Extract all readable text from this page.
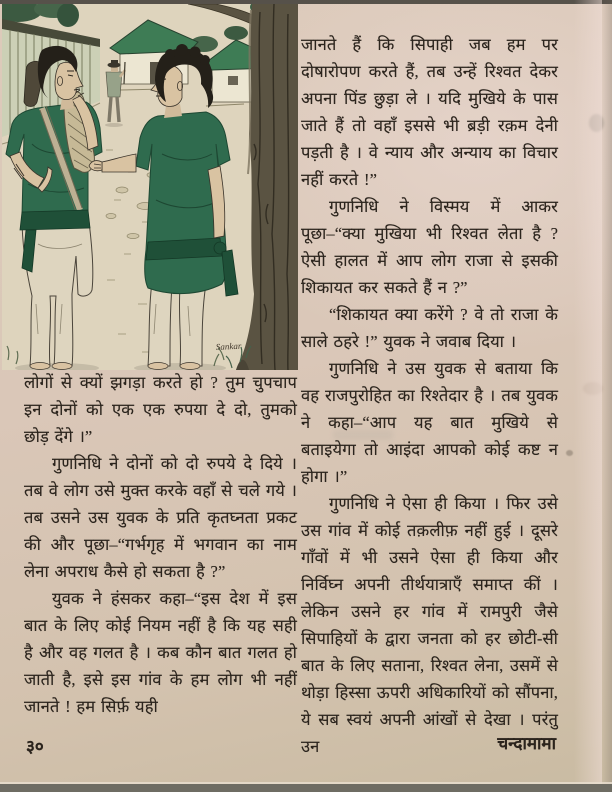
Sankar

जानते हैं कि सिपाही जब हम पर दोषारोपण करते हैं, तब उन्हें रिश्वत देकर अपना पिंड छुड़ा ले । यदि मुखिये के पास जाते हैं तो वहाँ इससे भी ब्रड़ी रक़म देनी पड़ती है । वे न्याय और अन्याय का विचार नहीं करते !”

गुणनिधि ने विस्मय में आकर पूछा–“क्या मुखिया भी रिश्वत लेता है ? ऐसी हालत में आप लोग राजा से इसकी शिकायत कर सकते हैं न ?”

“शिकायत क्या करेंगे ? वे तो राजा के साले ठहरे !” युवक ने जवाब दिया ।

गुणनिधि ने उस युवक से बताया कि वह राजपुरोहित का रिश्तेदार है । तब युवक ने कहा–“आप यह बात मुखिये से बताइयेगा तो आइंदा आपको कोई कष्ट न होगा ।”

गुणनिधि ने ऐसा ही किया । फिर उसे उस गांव में कोई तक़लीफ़ नहीं हुई । दूसरे गाँवों में भी उसने ऐसा ही किया और निर्विघ्न अपनी तीर्थयात्राएँ समाप्त कीं । लेकिन उसने हर गांव में रामपुरी जैसे सिपाहियों के द्वारा जनता को हर छोटी-सी बात के लिए सताना, रिश्वत लेना, उसमें से थोड़ा हिस्सा ऊपरी अधिकारियों को सौंपना, ये सब स्वयं अपनी आंखों से देखा । परंतु उन

लोगों से क्यों झगड़ा करते हो ? तुम चुपचाप इन दोनों को एक एक रुपया दे दो, तुमको छोड़ देंगे ।”

गुणनिधि ने दोनों को दो रुपये दे दिये । तब वे लोग उसे मुक्त करके वहाँ से चले गये । तब उसने उस युवक के प्रति कृतघ्नता प्रकट की और पूछा–“गर्भगृह में भगवान का नाम लेना अपराध कैसे हो सकता है ?”

युवक ने हंसकर कहा–“इस देश में इस बात के लिए कोई नियम नहीं है कि यह सही है और वह गलत है । कब कौन बात गलत हो जाती है, इसे इस गांव के हम लोग भी नहीं जानते ! हम सिर्फ़ यही

३०	चन्दामामा
